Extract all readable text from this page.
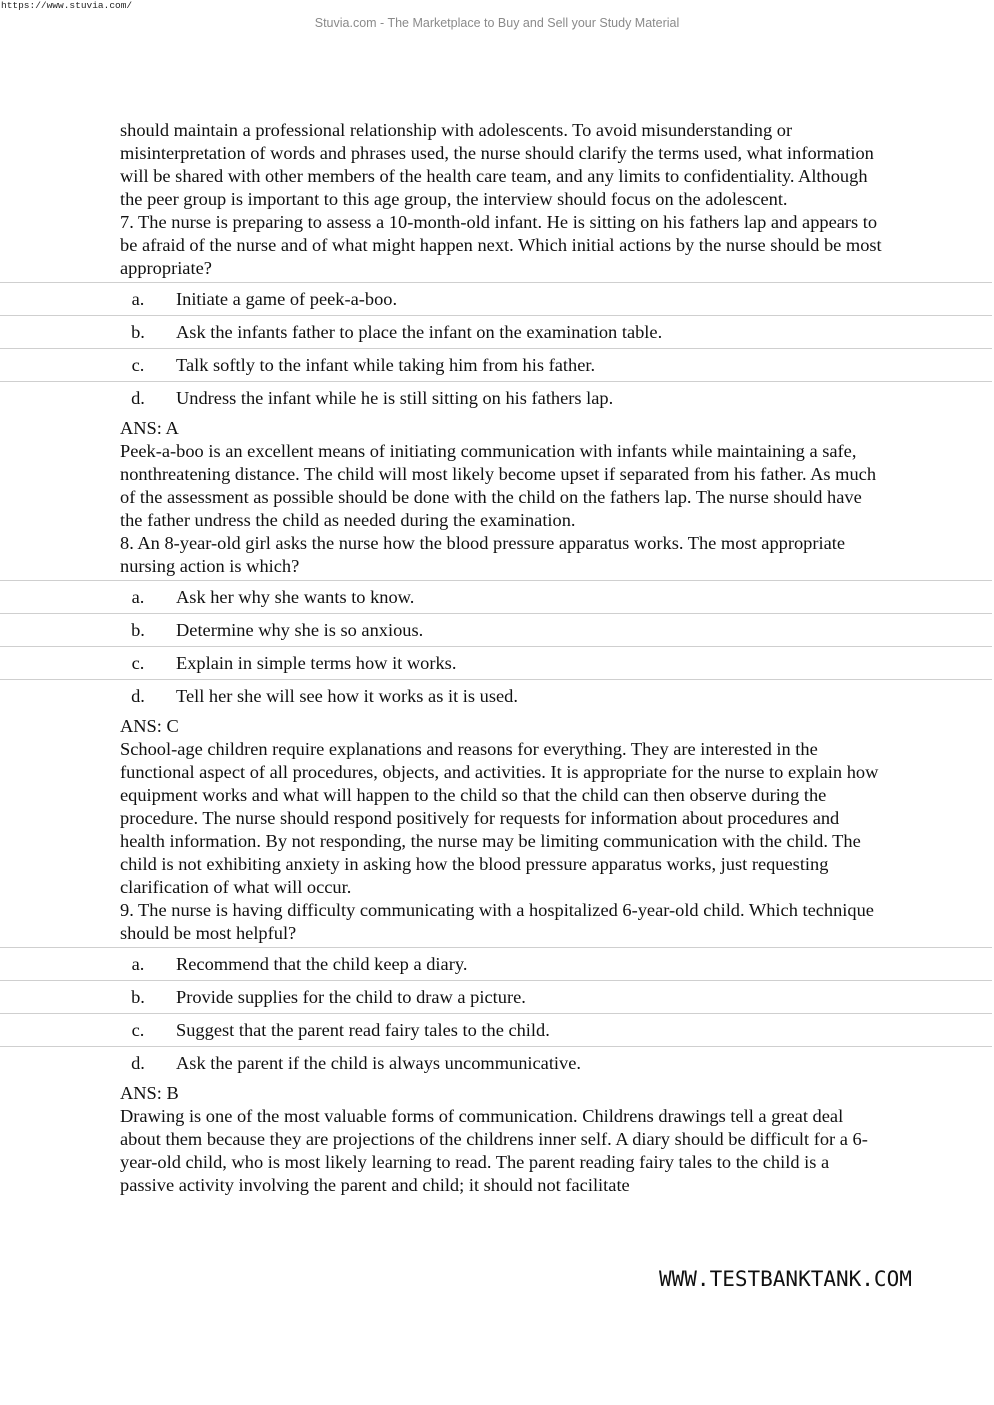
https://www.stuvia.com/
Stuvia.com - The Marketplace to Buy and Sell your Study Material

should maintain a professional relationship with adolescents. To avoid misunderstanding or misinterpretation of words and phrases used, the nurse should clarify the terms used, what information will be shared with other members of the health care team, and any limits to confidentiality. Although the peer group is important to this age group, the interview should focus on the adolescent.

7. The nurse is preparing to assess a 10-month-old infant. He is sitting on his fathers lap and appears to be afraid of the nurse and of what might happen next. Which initial actions by the nurse should be most appropriate?

a.	Initiate a game of peek-a-boo.
b.	Ask the infants father to place the infant on the examination table.
c.	Talk softly to the infant while taking him from his father.
d.	Undress the infant while he is still sitting on his fathers lap.

ANS: A

Peek-a-boo is an excellent means of initiating communication with infants while maintaining a safe, nonthreatening distance. The child will most likely become upset if separated from his father. As much of the assessment as possible should be done with the child on the fathers lap. The nurse should have the father undress the child as needed during the examination.

8. An 8-year-old girl asks the nurse how the blood pressure apparatus works. The most appropriate nursing action is which?

a.	Ask her why she wants to know.
b.	Determine why she is so anxious.
c.	Explain in simple terms how it works.
d.	Tell her she will see how it works as it is used.

ANS: C

School-age children require explanations and reasons for everything. They are interested in the functional aspect of all procedures, objects, and activities. It is appropriate for the nurse to explain how equipment works and what will happen to the child so that the child can then observe during the procedure. The nurse should respond positively for requests for information about procedures and health information. By not responding, the nurse may be limiting communication with the child. The child is not exhibiting anxiety in asking how the blood pressure apparatus works, just requesting clarification of what will occur.

9. The nurse is having difficulty communicating with a hospitalized 6-year-old child. Which technique should be most helpful?

a.	Recommend that the child keep a diary.
b.	Provide supplies for the child to draw a picture.
c.	Suggest that the parent read fairy tales to the child.
d.	Ask the parent if the child is always uncommunicative.

ANS: B

Drawing is one of the most valuable forms of communication. Childrens drawings tell a great deal about them because they are projections of the childrens inner self. A diary should be difficult for a 6-year-old child, who is most likely learning to read. The parent reading fairy tales to the child is a passive activity involving the parent and child; it should not facilitate

WWW.TESTBANKTANK.COM
